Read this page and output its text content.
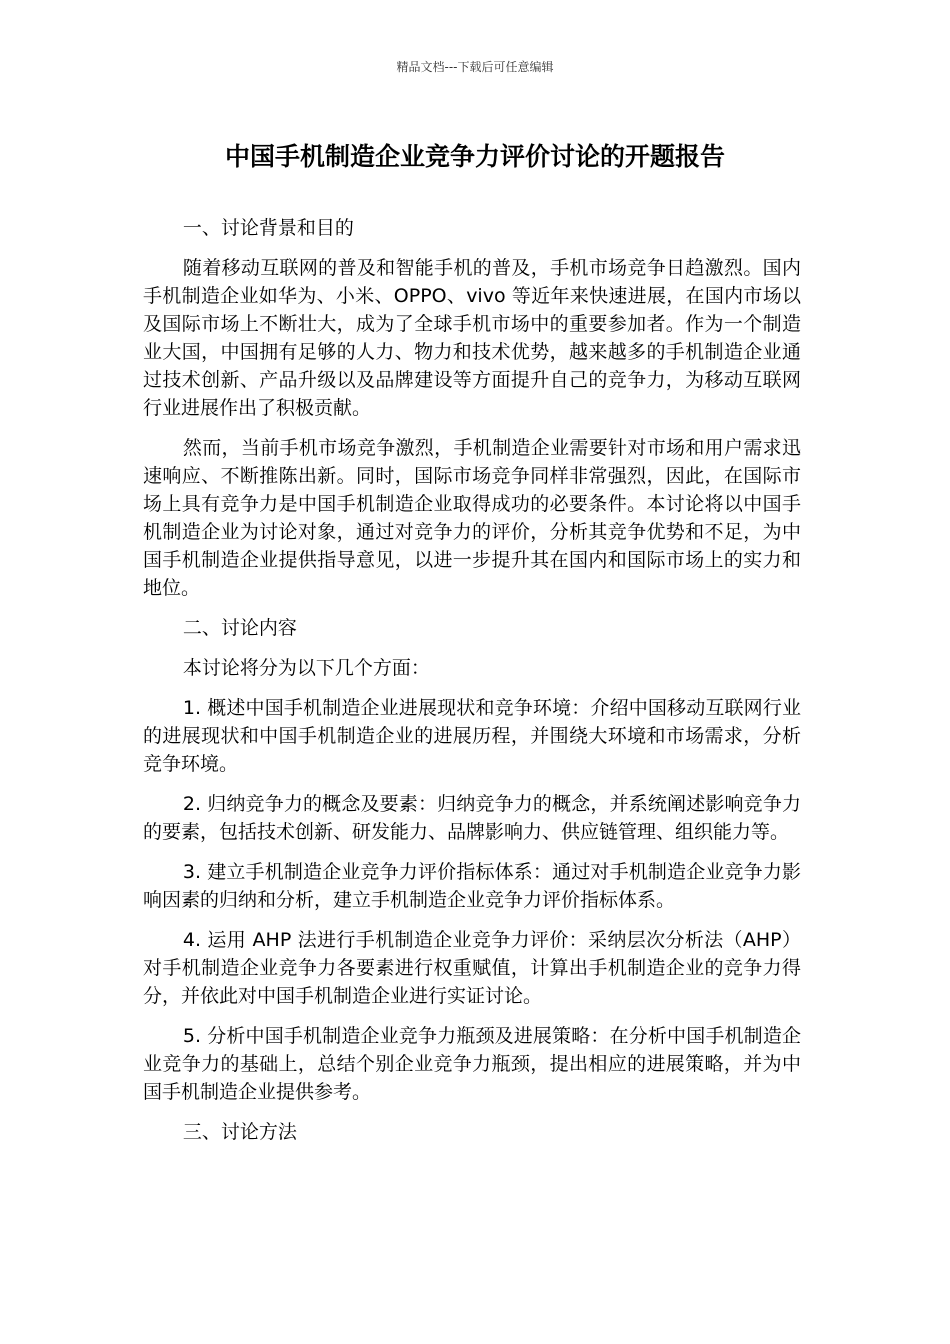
精品文档---下载后可任意编辑
中国手机制造企业竞争力评价讨论的开题报告

一、讨论背景和目的

随着移动互联网的普及和智能手机的普及，手机市场竞争日趋激烈。国内手机制造企业如华为、小米、OPPO、vivo 等近年来快速进展，在国内市场以及国际市场上不断壮大，成为了全球手机市场中的重要参加者。作为一个制造业大国，中国拥有足够的人力、物力和技术优势，越来越多的手机制造企业通过技术创新、产品升级以及品牌建设等方面提升自己的竞争力，为移动互联网行业进展作出了积极贡献。

然而，当前手机市场竞争激烈，手机制造企业需要针对市场和用户需求迅速响应、不断推陈出新。同时，国际市场竞争同样非常强烈，因此，在国际市场上具有竞争力是中国手机制造企业取得成功的必要条件。本讨论将以中国手机制造企业为讨论对象，通过对竞争力的评价，分析其竞争优势和不足，为中国手机制造企业提供指导意见，以进一步提升其在国内和国际市场上的实力和地位。

二、讨论内容

本讨论将分为以下几个方面：

1. 概述中国手机制造企业进展现状和竞争环境：介绍中国移动互联网行业的进展现状和中国手机制造企业的进展历程，并围绕大环境和市场需求，分析竞争环境。

2. 归纳竞争力的概念及要素：归纳竞争力的概念，并系统阐述影响竞争力的要素，包括技术创新、研发能力、品牌影响力、供应链管理、组织能力等。

3. 建立手机制造企业竞争力评价指标体系：通过对手机制造企业竞争力影响因素的归纳和分析，建立手机制造企业竞争力评价指标体系。

4. 运用 AHP 法进行手机制造企业竞争力评价：采纳层次分析法（AHP）对手机制造企业竞争力各要素进行权重赋值，计算出手机制造企业的竞争力得分，并依此对中国手机制造企业进行实证讨论。

5. 分析中国手机制造企业竞争力瓶颈及进展策略：在分析中国手机制造企业竞争力的基础上，总结个别企业竞争力瓶颈，提出相应的进展策略，并为中国手机制造企业提供参考。

三、讨论方法
